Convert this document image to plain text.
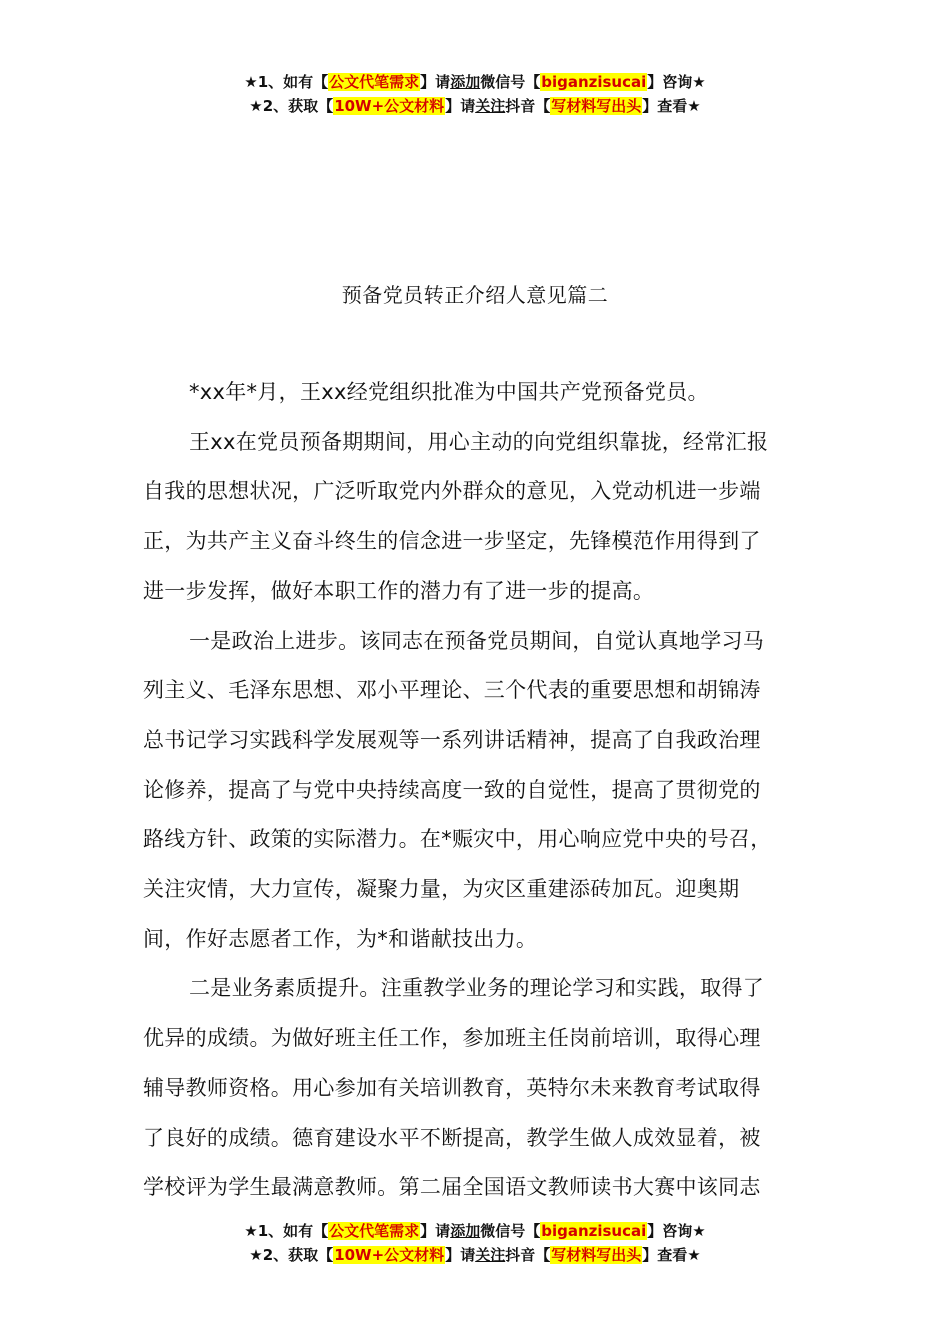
★1、如有【公文代笔需求】请添加微信号【biganzisucai】咨询★
★2、获取【10W+公文材料】请关注抖音【写材料写出头】查看★
预备党员转正介绍人意见篇二

*xx年*月，王xx经党组织批准为中国共产党预备党员。

王xx在党员预备期期间，用心主动的向党组织靠拢，经常汇报

自我的思想状况，广泛听取党内外群众的意见，入党动机进一步端

正，为共产主义奋斗终生的信念进一步坚定，先锋模范作用得到了

进一步发挥，做好本职工作的潜力有了进一步的提高。

一是政治上进步。该同志在预备党员期间，自觉认真地学习马

列主义、毛泽东思想、邓小平理论、三个代表的重要思想和胡锦涛

总书记学习实践科学发展观等一系列讲话精神，提高了自我政治理

论修养，提高了与党中央持续高度一致的自觉性，提高了贯彻党的

路线方针、政策的实际潜力。在*赈灾中，用心响应党中央的号召，

关注灾情，大力宣传，凝聚力量，为灾区重建添砖加瓦。迎奥期

间，作好志愿者工作，为*和谐献技出力。

二是业务素质提升。注重教学业务的理论学习和实践，取得了

优异的成绩。为做好班主任工作，参加班主任岗前培训，取得心理

辅导教师资格。用心参加有关培训教育，英特尔未来教育考试取得

了良好的成绩。德育建设水平不断提高，教学生做人成效显着，被

学校评为学生最满意教师。第二届全国语文教师读书大赛中该同志

★1、如有【公文代笔需求】请添加微信号【biganzisucai】咨询★
★2、获取【10W+公文材料】请关注抖音【写材料写出头】查看★
